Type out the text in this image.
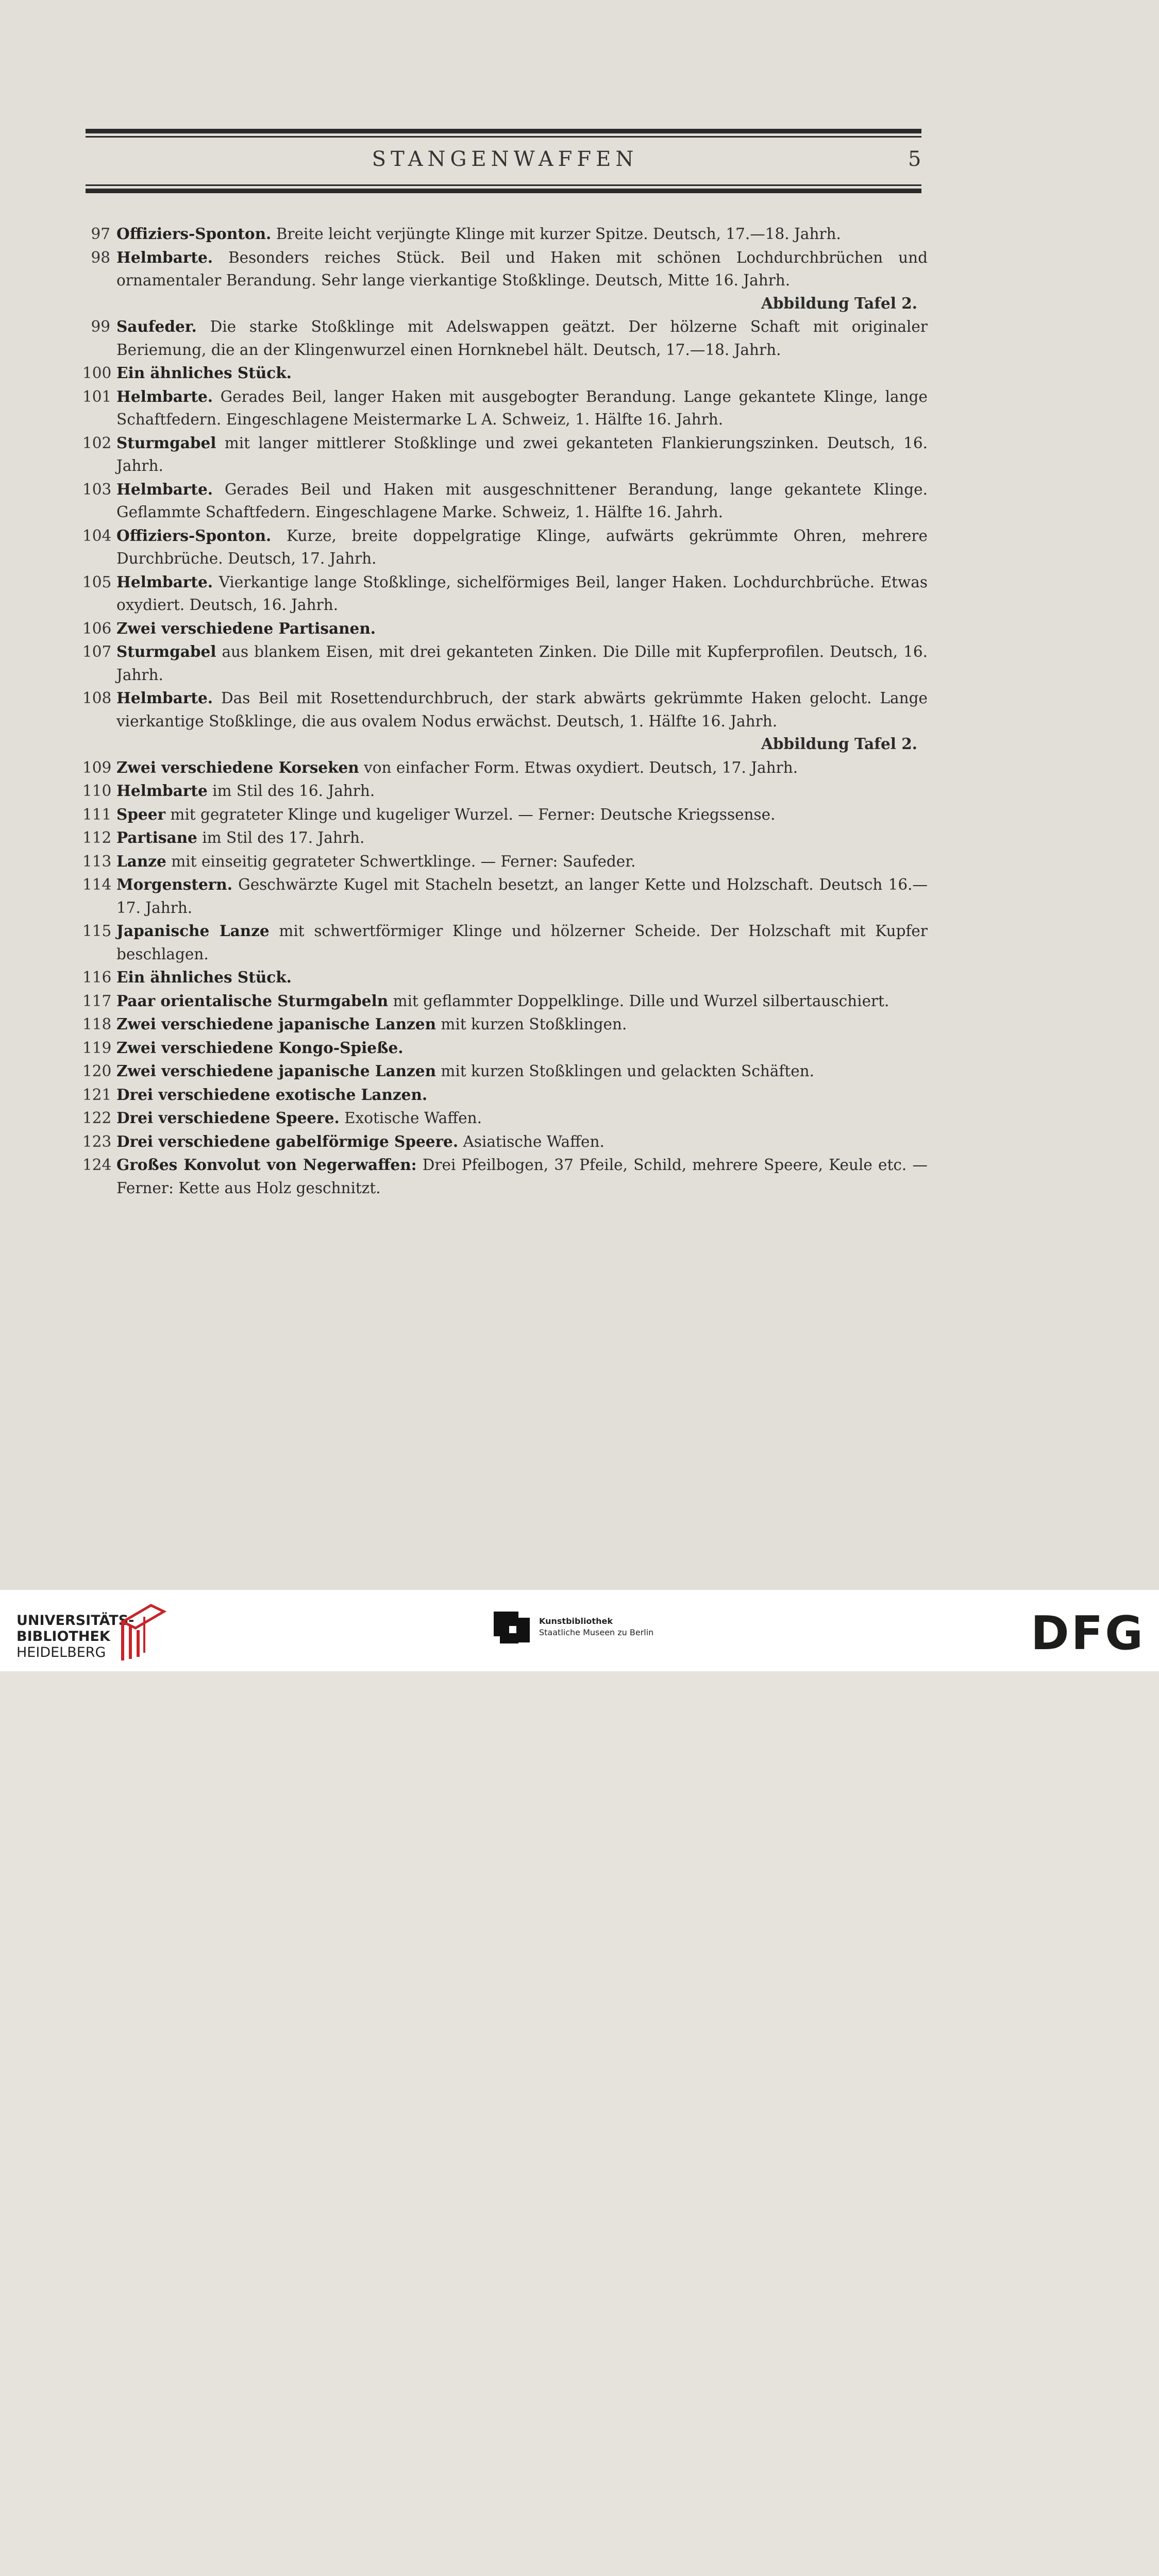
STANGENWAFFEN	5
97 Offiziers-Sponton. Breite leicht verjüngte Klinge mit kurzer Spitze. Deutsch, 17.—18. Jahrh.
98 Helmbarte. Besonders reiches Stück. Beil und Haken mit schönen Lochdurchbrüchen und ornamentaler Berandung. Sehr lange vierkantige Stoßklinge. Deutsch, Mitte 16. Jahrh.
Abbildung Tafel 2.
99 Saufeder. Die starke Stoßklinge mit Adelswappen geätzt. Der hölzerne Schaft mit originaler Beriemung, die an der Klingenwurzel einen Hornknebel hält. Deutsch, 17.—18. Jahrh.
100 Ein ähnliches Stück.
101 Helmbarte. Gerades Beil, langer Haken mit ausgebogter Berandung. Lange gekantete Klinge, lange Schaftfedern. Eingeschlagene Meistermarke L A. Schweiz, 1. Hälfte 16. Jahrh.
102 Sturmgabel mit langer mittlerer Stoßklinge und zwei gekanteten Flankierungszinken. Deutsch, 16. Jahrh.
103 Helmbarte. Gerades Beil und Haken mit ausgeschnittener Berandung, lange gekantete Klinge. Geflammte Schaftfedern. Eingeschlagene Marke. Schweiz, 1. Hälfte 16. Jahrh.
104 Offiziers-Sponton. Kurze, breite doppelgratige Klinge, aufwärts gekrümmte Ohren, mehrere Durchbrüche. Deutsch, 17. Jahrh.
105 Helmbarte. Vierkantige lange Stoßklinge, sichelförmiges Beil, langer Haken. Lochdurchbrüche. Etwas oxydiert. Deutsch, 16. Jahrh.
106 Zwei verschiedene Partisanen.
107 Sturmgabel aus blankem Eisen, mit drei gekanteten Zinken. Die Dille mit Kupferprofilen. Deutsch, 16. Jahrh.
108 Helmbarte. Das Beil mit Rosettendurchbruch, der stark abwärts gekrümmte Haken gelocht. Lange vierkantige Stoßklinge, die aus ovalem Nodus erwächst. Deutsch, 1. Hälfte 16. Jahrh.
Abbildung Tafel 2.
109 Zwei verschiedene Korseken von einfacher Form. Etwas oxydiert. Deutsch, 17. Jahrh.
110 Helmbarte im Stil des 16. Jahrh.
111 Speer mit gegrateter Klinge und kugeliger Wurzel. — Ferner: Deutsche Kriegssense.
112 Partisane im Stil des 17. Jahrh.
113 Lanze mit einseitig gegrateter Schwertklinge. — Ferner: Saufeder.
114 Morgenstern. Geschwärzte Kugel mit Stacheln besetzt, an langer Kette und Holzschaft. Deutsch 16.—17. Jahrh.
115 Japanische Lanze mit schwertförmiger Klinge und hölzerner Scheide. Der Holzschaft mit Kupfer beschlagen.
116 Ein ähnliches Stück.
117 Paar orientalische Sturmgabeln mit geflammter Doppelklinge. Dille und Wurzel silbertauschiert.
118 Zwei verschiedene japanische Lanzen mit kurzen Stoßklingen.
119 Zwei verschiedene Kongo-Spieße.
120 Zwei verschiedene japanische Lanzen mit kurzen Stoßklingen und gelackten Schäften.
121 Drei verschiedene exotische Lanzen.
122 Drei verschiedene Speere. Exotische Waffen.
123 Drei verschiedene gabelförmige Speere. Asiatische Waffen.
124 Großes Konvolut von Negerwaffen: Drei Pfeilbogen, 37 Pfeile, Schild, mehrere Speere, Keule etc. — Ferner: Kette aus Holz geschnitzt.
UNIVERSITÄTS-
BIBLIOTHEK
HEIDELBERG
Kunstbibliothek
Staatliche Museen zu Berlin	DFG
